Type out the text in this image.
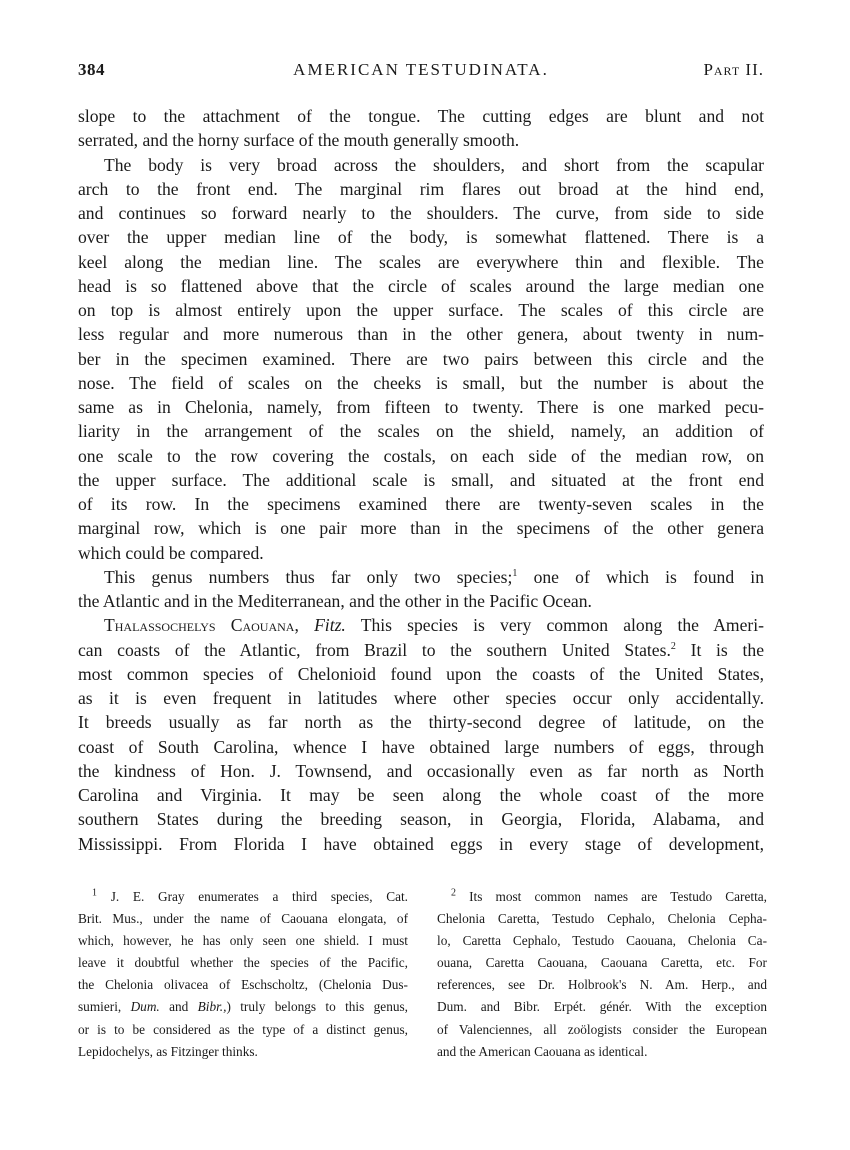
384	AMERICAN TESTUDINATA.	Part II.
slope to the attachment of the tongue. The cutting edges are blunt and not
serrated, and the horny surface of the mouth generally smooth.
The body is very broad across the shoulders, and short from the scapular
arch to the front end. The marginal rim flares out broad at the hind end,
and continues so forward nearly to the shoulders. The curve, from side to side
over the upper median line of the body, is somewhat flattened. There is a
keel along the median line. The scales are everywhere thin and flexible. The
head is so flattened above that the circle of scales around the large median one
on top is almost entirely upon the upper surface. The scales of this circle are
less regular and more numerous than in the other genera, about twenty in num-
ber in the specimen examined. There are two pairs between this circle and the
nose. The field of scales on the cheeks is small, but the number is about the
same as in Chelonia, namely, from fifteen to twenty. There is one marked pecu-
liarity in the arrangement of the scales on the shield, namely, an addition of
one scale to the row covering the costals, on each side of the median row, on
the upper surface. The additional scale is small, and situated at the front end
of its row. In the specimens examined there are twenty-seven scales in the
marginal row, which is one pair more than in the specimens of the other genera
which could be compared.
This genus numbers thus far only two species;$^1$ one of which is found in
the Atlantic and in the Mediterranean, and the other in the Pacific Ocean.
Thalassochelys Caouana, Fitz. This species is very common along the Ameri-
can coasts of the Atlantic, from Brazil to the southern United States.$^2$ It is the
most common species of Chelonioid found upon the coasts of the United States,
as it is even frequent in latitudes where other species occur only accidentally.
It breeds usually as far north as the thirty-second degree of latitude, on the
coast of South Carolina, whence I have obtained large numbers of eggs, through
the kindness of Hon. J. Townsend, and occasionally even as far north as North
Carolina and Virginia. It may be seen along the whole coast of the more
southern States during the breeding season, in Georgia, Florida, Alabama, and
Mississippi. From Florida I have obtained eggs in every stage of development,
$^1$ J. E. Gray enumerates a third species, Cat.
Brit. Mus., under the name of Caouana elongata, of
which, however, he has only seen one shield. I must
leave it doubtful whether the species of the Pacific,
the Chelonia olivacea of Eschscholtz, (Chelonia Dus-
sumieri, Dum. and Bibr.,) truly belongs to this genus,
or is to be considered as the type of a distinct genus,
Lepidochelys, as Fitzinger thinks.
$^2$ Its most common names are Testudo Caretta,
Chelonia Caretta, Testudo Cephalo, Chelonia Cepha-
lo, Caretta Cephalo, Testudo Caouana, Chelonia Ca-
ouana, Caretta Caouana, Caouana Caretta, etc. For
references, see Dr. Holbrook's N. Am. Herp., and
Dum. and Bibr. Erpét. génér. With the exception
of Valenciennes, all zoölogists consider the European
and the American Caouana as identical.
